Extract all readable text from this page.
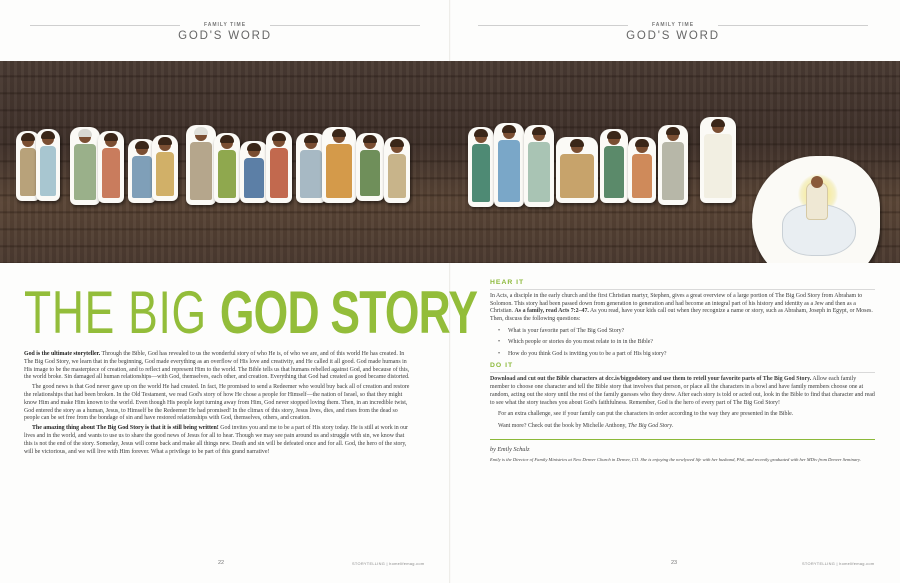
FAMILY TIME
GOD'S WORD
FAMILY TIME
GOD'S WORD
THE BIG GOD STORY

God is the ultimate storyteller. Through the Bible, God has revealed to us the wonderful story of who He is, of who we are, and of this world He has created. In The Big God Story, we learn that in the beginning, God made everything as an overflow of His love and creativity, and He called it all good. God made humans in His image to be the masterpiece of creation, and to reflect and represent Him to the world. The Bible tells us that humans rebelled against God, and because of this, the world broke. Sin damaged all human relationships—with God, themselves, each other, and creation. Everything that God had created as good became distorted.

The good news is that God never gave up on the world He had created. In fact, He promised to send a Redeemer who would buy back all of creation and restore the relationships that had been broken. In the Old Testament, we read God's story of how He chose a people for Himself—the nation of Israel, so that they might know Him and make Him known to the world. Even though His people kept turning away from Him, God never stopped loving them. Then, in an incredible twist, God entered the story as a human, Jesus, to Himself be the Redeemer He had promised! In the climax of this story, Jesus lives, dies, and rises from the dead so people can be set free from the bondage of sin and have restored relationships with God, themselves, others, and creation.

The amazing thing about The Big God Story is that it is still being written! God invites you and me to be a part of His story today. He is still at work in our lives and in the world, and wants to use us to share the good news of Jesus for all to hear. Though we may see pain around us and struggle with sin, we know that this is not the end of the story. Someday, Jesus will come back and make all things new. Death and sin will be defeated once and for all. God, the hero of the story, will be victorious, and we will live with Him forever. What a privilege to be part of this grand narrative!

22	STORYTELLING | homelifemag.com
HEAR IT

In Acts, a disciple in the early church and the first Christian martyr, Stephen, gives a great overview of a large portion of The Big God Story from Abraham to Solomon. This story had been passed down from generation to generation and had become an integral part of his history and identity as a Jew and then as a Christian. As a family, read Acts 7:2–47. As you read, have your kids call out when they recognize a name or story, such as Abraham, Joseph in Egypt, or Moses. Then, discuss the following questions:

• What is your favorite part of The Big God Story?
• Which people or stories do you most relate to in in the Bible?
• How do you think God is inviting you to be a part of His big story?
DO IT

Download and cut out the Bible characters at dcc.is/biggodstory and use them to retell your favorite parts of The Big God Story. Allow each family member to choose one character and tell the Bible story that involves that person, or place all the characters in a bowl and have family members choose one at random, acting out the story until the rest of the family guesses who they drew. After each story is told or acted out, look in the Bible to find that character and read to see what the story teaches you about God's faithfulness. Remember, God is the hero of every part of The Big God Story!

For an extra challenge, see if your family can put the characters in order according to the way they are presented in the Bible.

Want more? Check out the book by Michelle Anthony, The Big God Story.

by Emily Schulz
Emily is the Director of Family Ministries at New Denver Church in Denver, CO. She is enjoying the newlywed life with her husband, Phil, and recently graduated with her MDiv from Denver Seminary.
23	STORYTELLING | homelifemag.com
